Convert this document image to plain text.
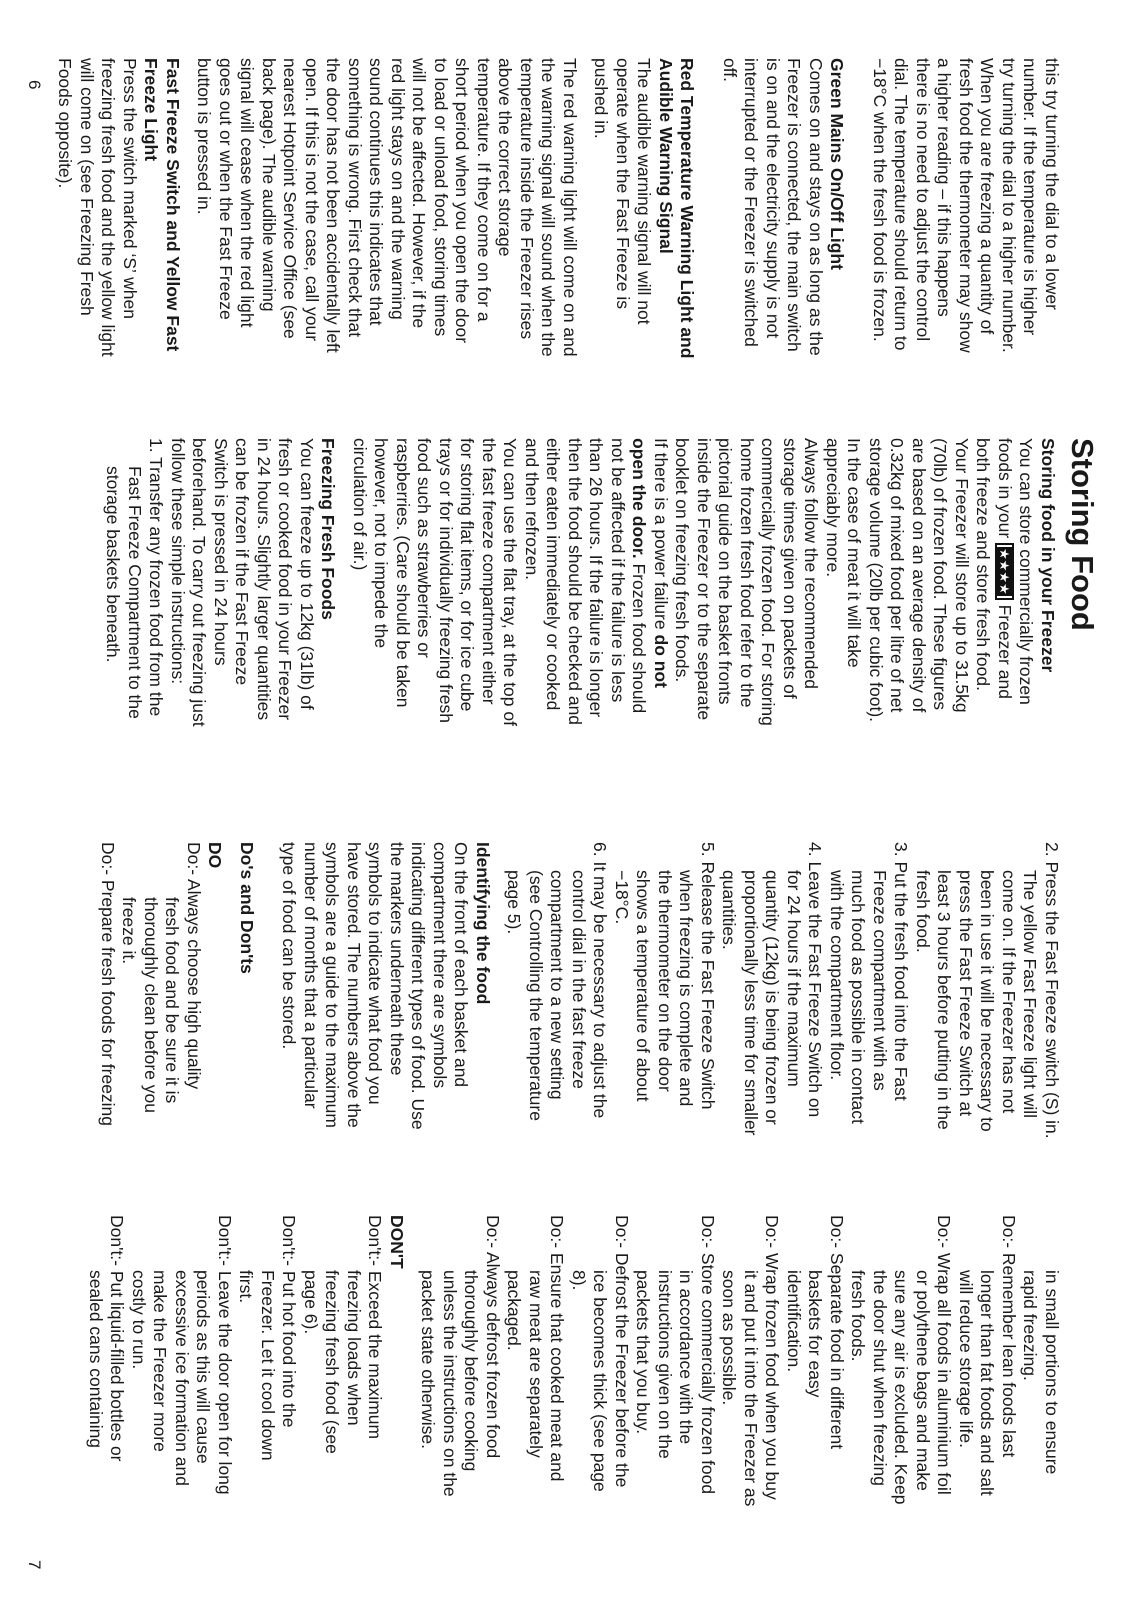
this try turning the dial to a lower
number. If the temperature is higher
try turning the dial to a higher number.
When you are freezing a quantity of
fresh food the thermometer may show
a higher reading – if this happens
there is no need to adjust the control
dial. The temperature should return to
−18°C when the fresh food is frozen.
Green Mains On/Off Light
Comes on and stays on as long as the
Freezer is connected, the main switch
is on and the electricity supply is not
interrupted or the Freezer is switched
off.
Red Temperature Warning Light and
Audible Warning Signal
The audible warning signal will not
operate when the Fast Freeze is
pushed in.
The red warning light will come on and
the warning signal will sound when the
temperature inside the Freezer rises
above the correct storage
temperature. If they come on for a
short period when you open the door
to load or unload food, storing times
will not be affected. However, if the
red light stays on and the warning
sound continues this indicates that
something is wrong. First check that
the door has not been accidentally left
open. If this is not the case, call your
nearest Hotpoint Service Office (see
back page). The audible warning
signal will cease when the red light
goes out or when the Fast Freeze
button is pressed in.
Fast Freeze Switch and Yellow Fast
Freeze Light
Press the switch marked ‘S’ when
freezing fresh food and the yellow light
will come on (see Freezing Fresh
Foods opposite).
6
Storing Food
Storing food in your Freezer
You can store commercially frozen
foods in your ★★★★ Freezer and
both freeze and store fresh food.
Your Freezer will store up to 31.5kg
(70lb) of frozen food. These figures
are based on an average density of
0.32kg of mixed food per litre of net
storage volume (20lb per cubic foot).
In the case of meat it will take
appreciably more.
Always follow the recommended
storage times given on packets of
commercially frozen food. For storing
home frozen fresh food refer to the
pictorial guide on the basket fronts
inside the Freezer or to the separate
booklet on freezing fresh foods.
If there is a power failure do not
open the door. Frozen food should
not be affected if the failure is less
than 26 hours. If the failure is longer
then the food should be checked and
either eaten immediately or cooked
and then refrozen.
You can use the flat tray, at the top of
the fast freeze compartment either
for storing flat items, or for ice cube
trays or for individually freezing fresh
food such as strawberries or
raspberries. (Care should be taken
however, not to impede the
circulation of air.)
Freezing Fresh Foods
You can freeze up to 12kg (31lb) of
fresh or cooked food in your Freezer
in 24 hours. Slightly larger quantities
can be frozen if the Fast Freeze
Switch is pressed in 24 hours
beforehand. To carry out freezing just
follow these simple instructions:
1. Transfer any frozen food from the
Fast Freeze Compartment to the
storage baskets beneath.
2. Press the Fast Freeze switch (S) in.
The yellow Fast Freeze light will
come on. If the Freezer has not
been in use it will be necessary to
press the Fast Freeze Switch at
least 3 hours before putting in the
fresh food.
3. Put the fresh food into the Fast
Freeze compartment with as
much food as possible in contact
with the compartment floor.
4. Leave the Fast Freeze Switch on
for 24 hours if the maximum
quantity (12kg) is being frozen or
proportionally less time for smaller
quantities.
5. Release the Fast Freeze Switch
when freezing is complete and
the thermometer on the door
shows a temperature of about
−18°C.
6. It may be necessary to adjust the
control dial in the fast freeze
compartment to a new setting
(see Controlling the temperature
page 5).
Identifying the food
On the front of each basket and
compartment there are symbols
indicating different types of food. Use
the markers underneath these
symbols to indicate what food you
have stored. The numbers above the
symbols are a guide to the maximum
number of months that a particular
type of food can be stored.
Do's and Don'ts
DO
Do:- Always choose high quality
fresh food and be sure it is
thoroughly clean before you
freeze it.
Do:- Prepare fresh foods for freezing
in small portions to ensure
rapid freezing.
Do:- Remember lean foods last
longer than fat foods and salt
will reduce storage life.
Do:- Wrap all foods in aluminium foil
or polythene bags and make
sure any air is excluded. Keep
the door shut when freezing
fresh foods.
Do:- Separate food in different
baskets for easy
identification.
Do:- Wrap frozen food when you buy
it and put it into the Freezer as
soon as possible.
Do:- Store commercially frozen food
in accordance with the
instructions given on the
packets that you buy.
Do:- Defrost the Freezer before the
ice becomes thick (see page
8).
Do:- Ensure that cooked meat and
raw meat are separately
packaged.
Do:- Always defrost frozen food
thoroughly before cooking
unless the instructions on the
packet state otherwise.
DON'T
Don't:- Exceed the maximum
freezing loads when
freezing fresh food (see
page 6).
Don't:- Put hot food into the
Freezer. Let it cool down
first.
Don't:- Leave the door open for long
periods as this will cause
excessive ice formation and
make the Freezer more
costly to run.
Don't:- Put liquid-filled bottles or
sealed cans containing
7
